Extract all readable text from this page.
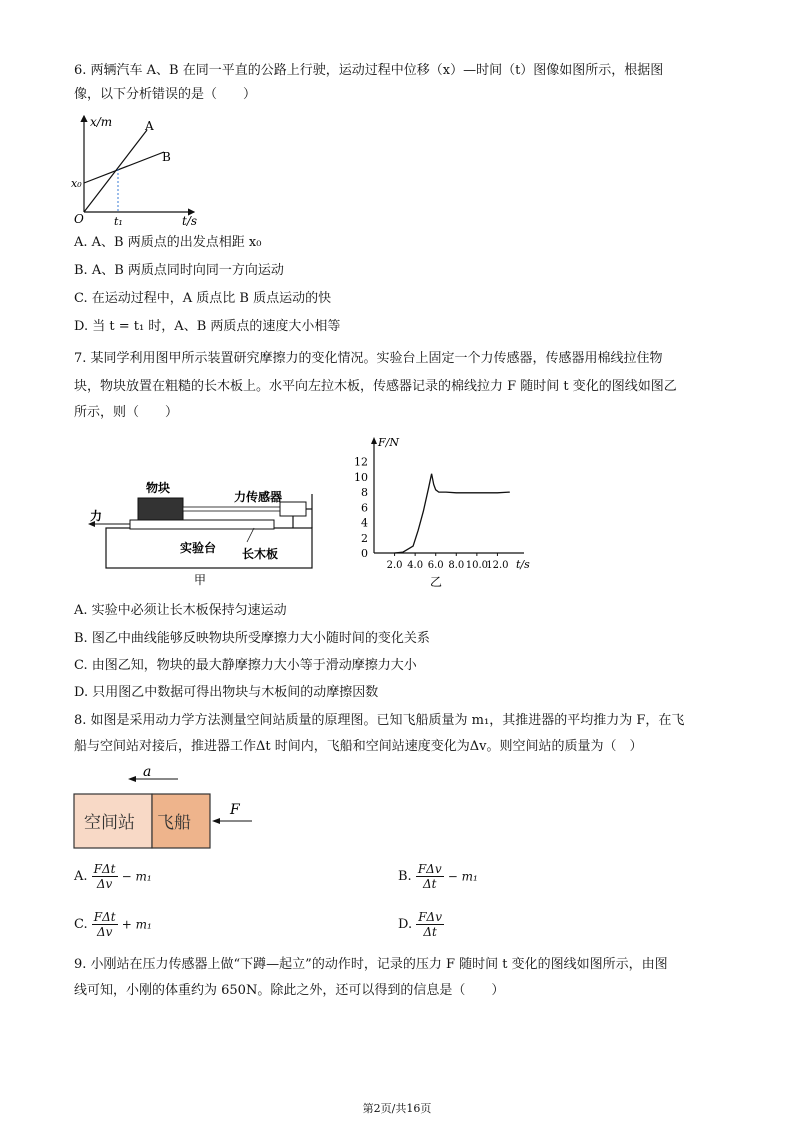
6. 两辆汽车 A、B 在同一平直的公路上行驶，运动过程中位移（x）—时间（t）图像如图所示，根据图
像，以下分析错误的是（　　）
x/m
t/s
O
x₀
t₁
A
B
A. A、B 两质点的出发点相距 x₀
B. A、B 两质点同时向同一方向运动
C. 在运动过程中，A 质点比 B 质点运动的快
D. 当 t = t₁ 时，A、B 两质点的速度大小相等
7. 某同学利用图甲所示装置研究摩擦力的变化情况。实验台上固定一个力传感器，传感器用棉线拉住物
块，物块放置在粗糙的长木板上。水平向左拉木板，传感器记录的棉线拉力 F 随时间 t 变化的图线如图乙
所示，则（　　）
物块
力传感器
力
实验台 长木板
甲
0
2
4
6
8
10
12
2.0 4.0 6.0 8.0 10.0
12.0
F/N
t/s
乙
A. 实验中必须让长木板保持匀速运动
B. 图乙中曲线能够反映物块所受摩擦力大小随时间的变化关系
C. 由图乙知，物块的最大静摩擦力大小等于滑动摩擦力大小
D. 只用图乙中数据可得出物块与木板间的动摩擦因数
8. 如图是采用动力学方法测量空间站质量的原理图。已知飞船质量为 m₁，其推进器的平均推力为 F，在飞
船与空间站对接后，推进器工作Δt 时间内，飞船和空间站速度变化为Δv。则空间站的质量为（　）
a
空间站 飞船
F
A. $\frac{\text{FΔt}}{\Delta v} - m_1$	B. $\frac{\text{FΔv}}{\Delta t} - m_1$
C. $\frac{\text{FΔt}}{\Delta v} + m_1$	D. $\frac{\text{FΔv}}{\Delta t}$
9. 小刚站在压力传感器上做“下蹲—起立”的动作时，记录的压力 F 随时间 t 变化的图线如图所示，由图
线可知，小刚的体重约为 650N。除此之外，还可以得到的信息是（　　）
第2页/共16页
